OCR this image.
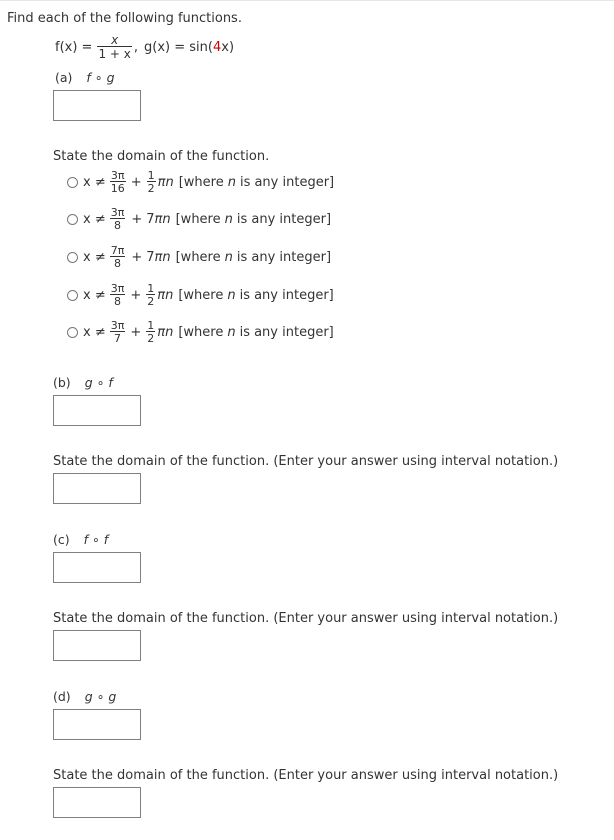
Find each of the following functions.
$f(x) = \frac{x}{1 + x}$ , g(x) = sin( 4 x)
(a) f ∘ g
State the domain of the function.
$x \ne \frac{3\pi}{16} + \frac{1}{2}$ π n [where n is any integer]
$x \ne \frac{3\pi}{8} + 7$ π n [where n is any integer]
$x \ne \frac{7\pi}{8} + 7$ π n [where n is any integer]
$x \ne \frac{3\pi}{8} + \frac{1}{2}$ π n [where n is any integer]
$x \ne \frac{3\pi}{7} + \frac{1}{2}$ π n [where n is any integer]
(b) g ∘ f
State the domain of the function. (Enter your answer using interval notation.)
(c) f ∘ f
State the domain of the function. (Enter your answer using interval notation.)
(d) g ∘ g
State the domain of the function. (Enter your answer using interval notation.)
